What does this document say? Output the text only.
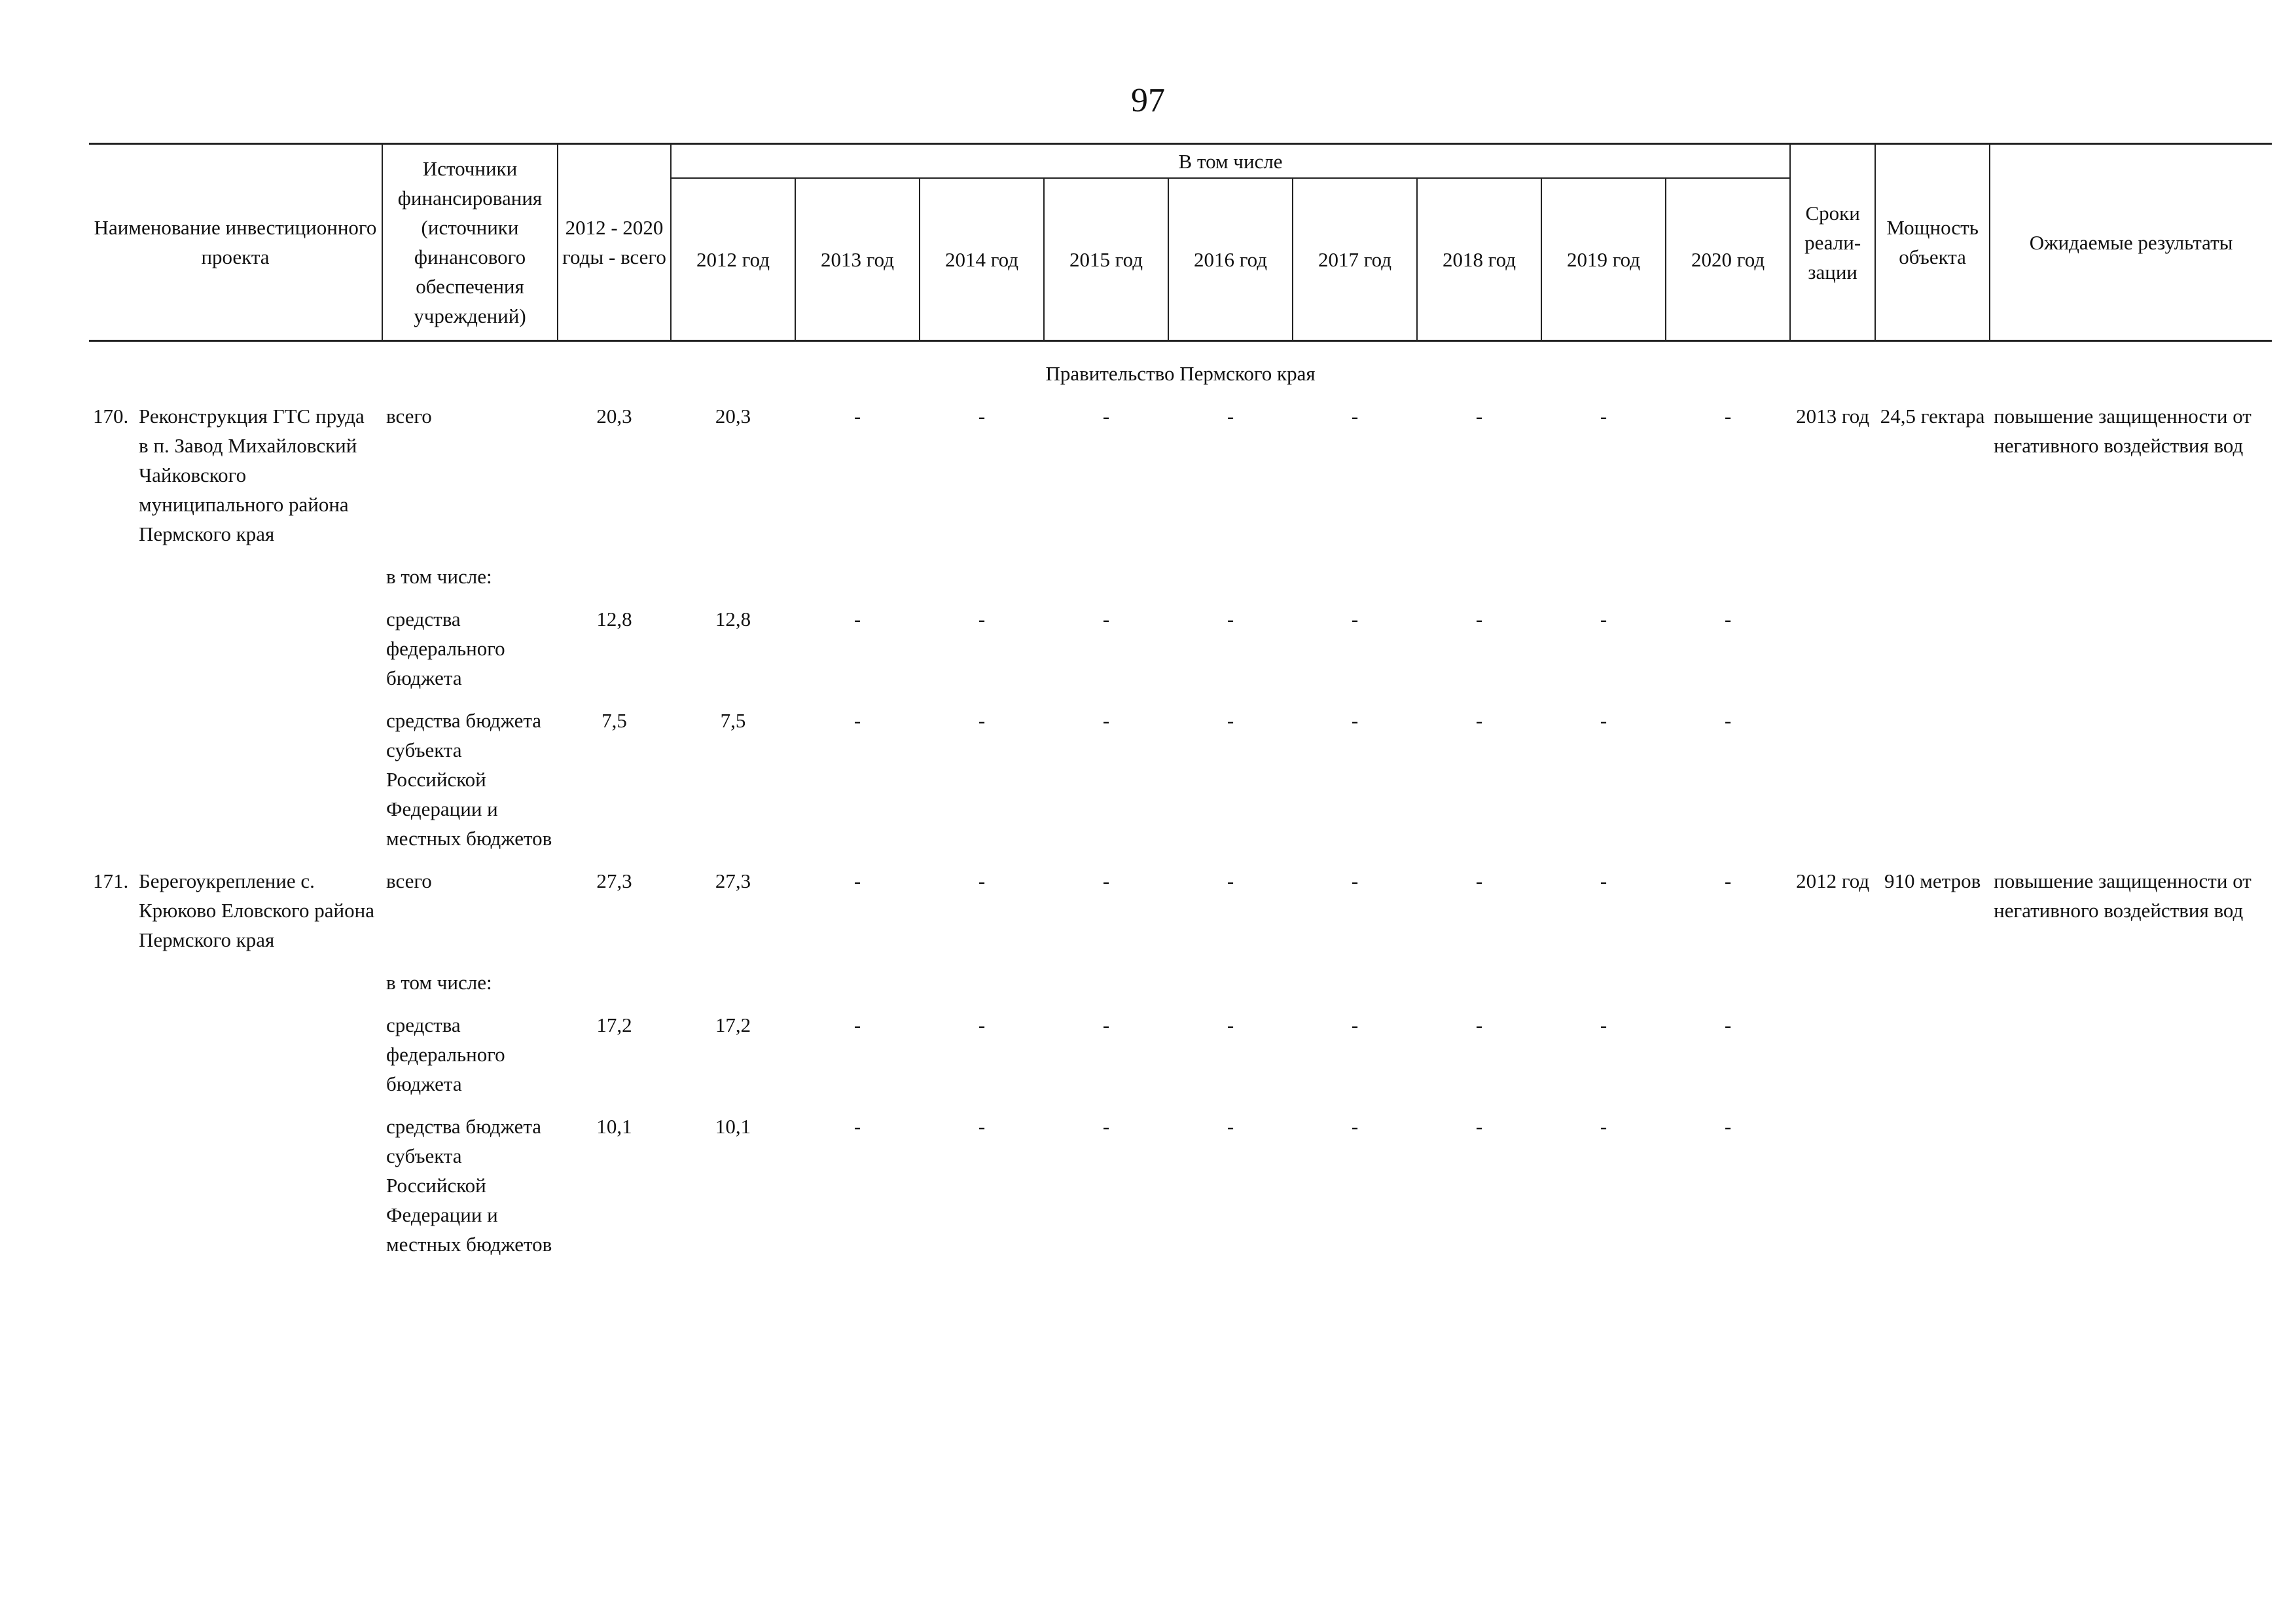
97
Наименование инвестиционного проекта	Источники финансирования (источники финансового обеспечения учреждений)	2012 - 2020 годы - всего	В том числе									Сроки реали- зации	Мощность объекта	Ожидаемые результаты
			2012 год	2013 год	2014 год	2015 год	2016 год	2017 год	2018 год	2019 год	2020 год			
Правительство Пермского края														

170. Реконструкция ГТС пруда в п. Завод Михайловский Чайковского муниципального района Пермского края	всего	20,3	20,3	-	-	-	-	-	-	-	-	2013 год	24,5 гектара	повышение защищенности от негативного воздействия вод
	в том числе:													
	средства федерального бюджета	12,8	12,8	-	-	-	-	-	-	-	-			
	средства бюджета субъекта Российской Федерации и местных бюджетов	7,5	7,5	-	-	-	-	-	-	-	-			

171. Берегоукрепление с. Крюково Еловского района Пермского края	всего	27,3	27,3	-	-	-	-	-	-	-	-	2012 год	910 метров	повышение защищенности от негативного воздействия вод
	в том числе:													
	средства федерального бюджета	17,2	17,2	-	-	-	-	-	-	-	-			
	средства бюджета субъекта Российской Федерации и местных бюджетов	10,1	10,1	-	-	-	-	-	-	-	-			
